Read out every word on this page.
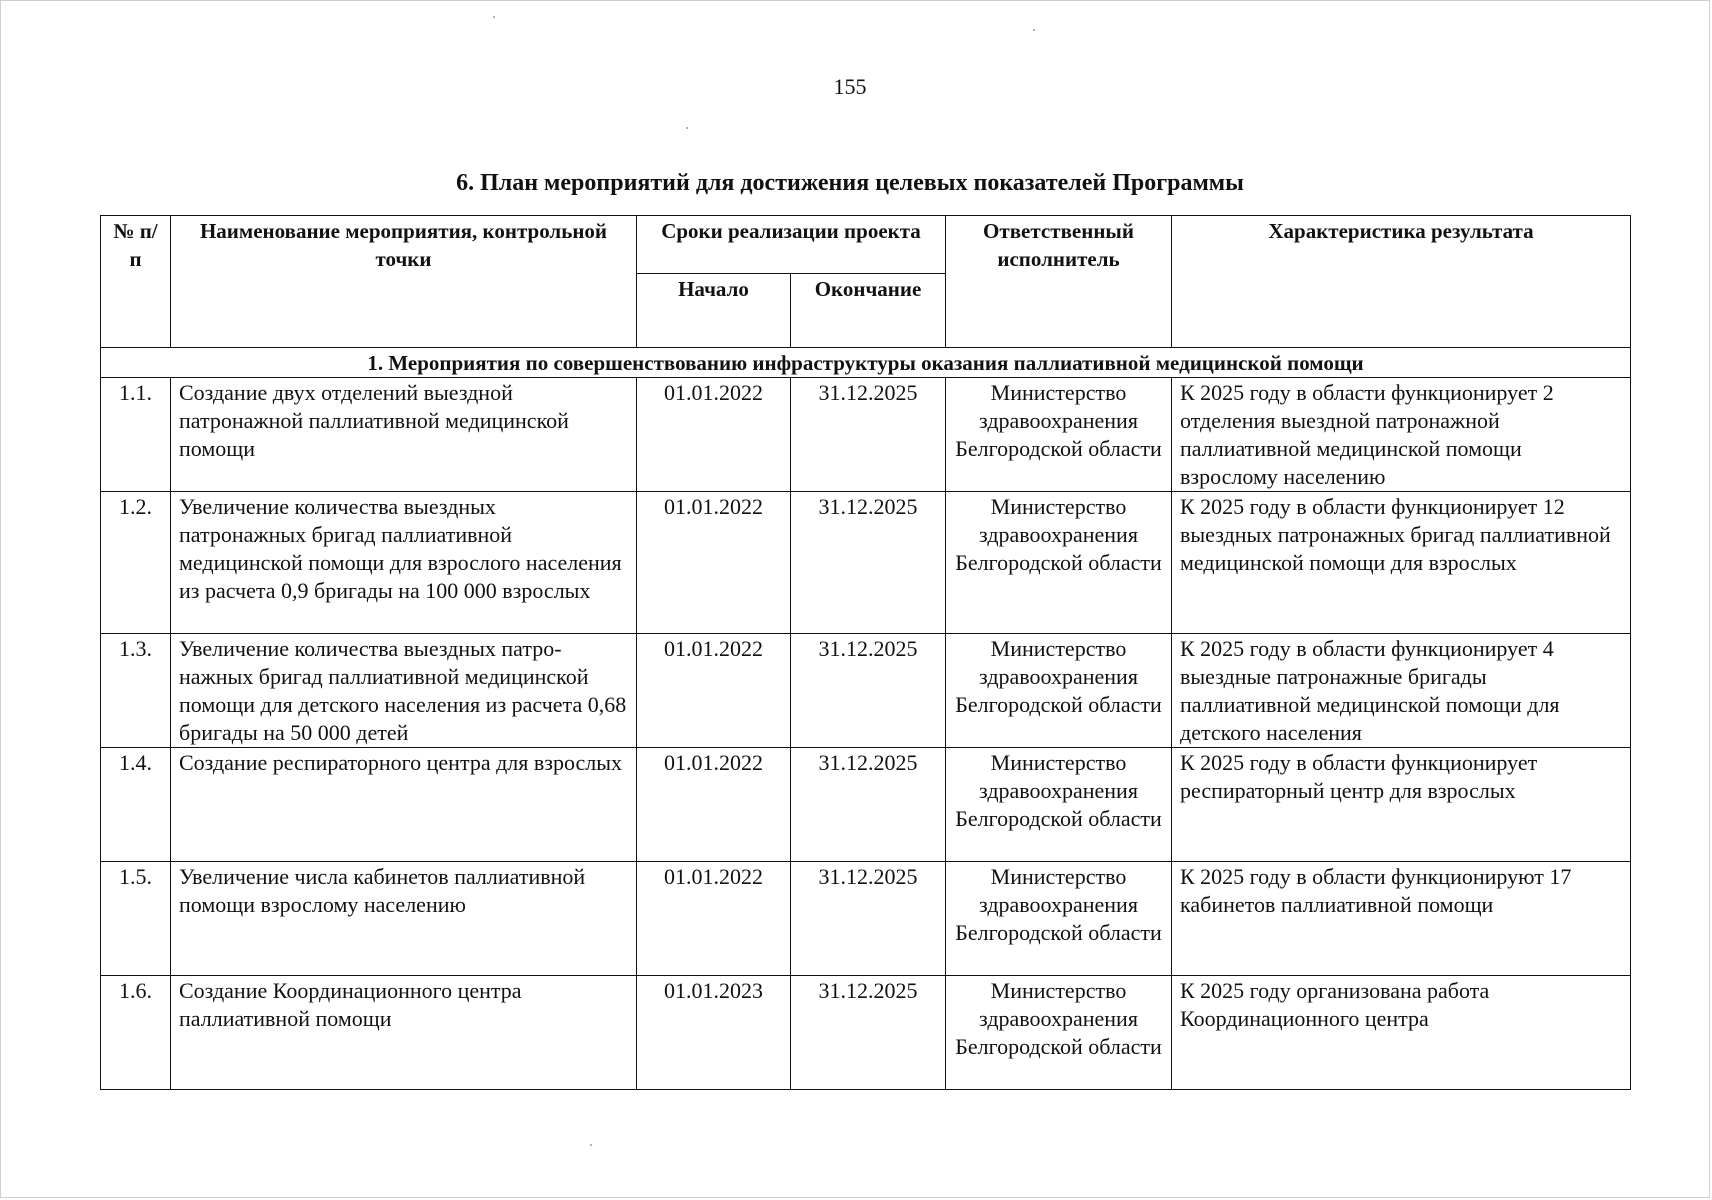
155
6. План мероприятий для достижения целевых показателей Программы
№ п/п	Наименование мероприятия, контрольной точки	Сроки реализации проекта		Ответственный исполнитель	Характеристика результата
		Начало	Окончание		
1. Мероприятия по совершенствованию инфраструктуры оказания паллиативной медицинской помощи					
1.1.	Создание двух отделений выездной патронажной паллиативной медицинской помощи	01.01.2022	31.12.2025	Министерство здравоохранения Белгородской области	К 2025 году в области функционирует 2 отделения выездной патронажной паллиативной медицинской помощи взрослому населению
1.2.	Увеличение количества выездных патронажных бригад паллиативной медицинской помощи для взрослого населения из расчета 0,9 бригады на 100 000 взрослых	01.01.2022	31.12.2025	Министерство здравоохранения Белгородской области	К 2025 году в области функционирует 12 выездных патронажных бригад паллиативной медицинской помощи для взрослых
1.3.	Увеличение количества выездных патро-нажных бригад паллиативной медицинской помощи для детского населения из расчета 0,68 бригады на 50 000 детей	01.01.2022	31.12.2025	Министерство здравоохранения Белгородской области	К 2025 году в области функционирует 4 выездные патронажные бригады паллиативной медицинской помощи для детского населения
1.4.	Создание респираторного центра для взрослых	01.01.2022	31.12.2025	Министерство здравоохранения Белгородской области	К 2025 году в области функционирует респираторный центр для взрослых
1.5.	Увеличение числа кабинетов паллиативной помощи взрослому населению	01.01.2022	31.12.2025	Министерство здравоохранения Белгородской области	К 2025 году в области функционируют 17 кабинетов паллиативной помощи
1.6.	Создание Координационного центра паллиативной помощи	01.01.2023	31.12.2025	Министерство здравоохранения Белгородской области	К 2025 году организована работа Координационного центра
